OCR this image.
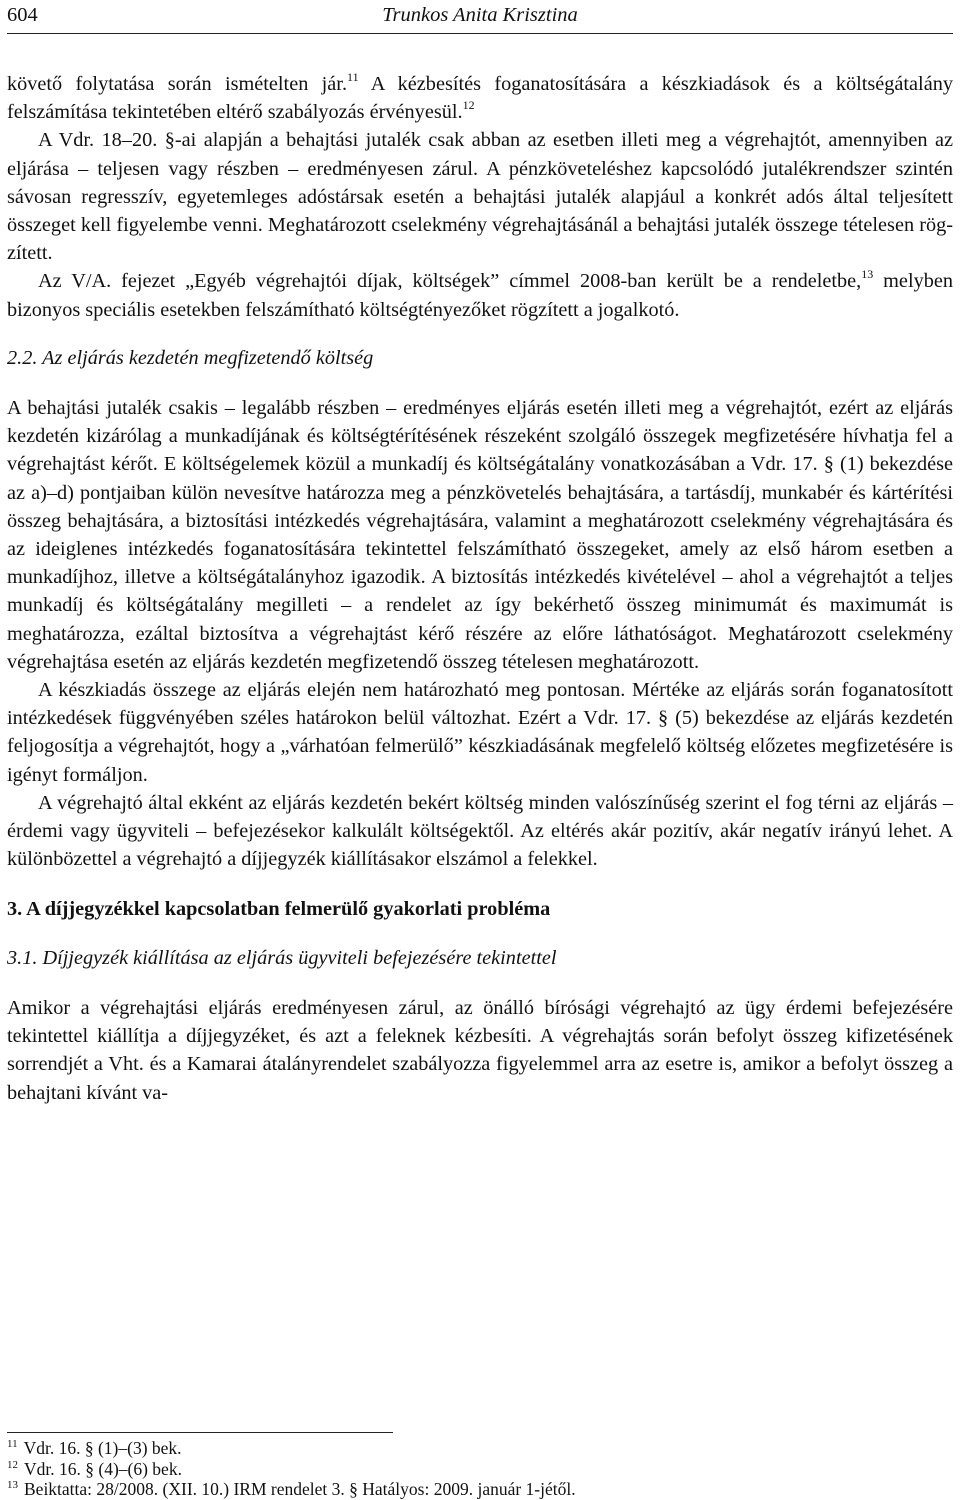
604	Trunkos Anita Krisztina

követő folytatása során ismételten jár.$^{11}$ A kézbesítés foganatosítására a készkiadások és a költségátalány felszámítása tekintetében eltérő szabályozás érvényesül.$^{12}$

A Vdr. 18–20. §-ai alapján a behajtási jutalék csak abban az esetben illeti meg a végrehajtót, amennyiben az eljárása – teljesen vagy részben – eredményesen zárul. A pénzköveteléshez kapcsolódó jutalékrendszer szintén sávosan regresszív, egyetemleges adóstársak esetén a behajtási jutalék alapjául a konkrét adós által teljesített összeget kell figyelembe venni. Meghatározott cselekmény végrehajtásánál a behajtási jutalék összege tételesen rögzített.

Az V/A. fejezet „Egyéb végrehajtói díjak, költségek” címmel 2008-ban került be a rendeletbe,$^{13}$ melyben bizonyos speciális esetekben felszámítható költségtényezőket rögzített a jogalkotó.

2.2. Az eljárás kezdetén megfizetendő költség

A behajtási jutalék csakis – legalább részben – eredményes eljárás esetén illeti meg a végrehajtót, ezért az eljárás kezdetén kizárólag a munkadíjának és költségtérítésének részeként szolgáló összegek megfizetésére hívhatja fel a végrehajtást kérőt. E költségelemek közül a munkadíj és költségátalány vonatkozásában a Vdr. 17. § (1) bekezdése az a)–d) pontjaiban külön nevesítve határozza meg a pénzkövetelés behajtására, a tartásdíj, munkabér és kártérítési összeg behajtására, a biztosítási intézkedés végrehajtására, valamint a meghatározott cselekmény végrehajtására és az ideiglenes intézkedés foganatosítására tekintettel felszámítható összegeket, amely az első három esetben a munkadíjhoz, illetve a költségátalányhoz igazodik. A biztosítás intézkedés kivételével – ahol a végrehajtót a teljes munkadíj és költségátalány megilleti – a rendelet az így bekérhető összeg minimumát és maximumát is meghatározza, ezáltal biztosítva a végrehajtást kérő részére az előre láthatóságot. Meghatározott cselekmény végrehajtása esetén az eljárás kezdetén megfizetendő összeg tételesen meghatározott.

A készkiadás összege az eljárás elején nem határozható meg pontosan. Mértéke az eljárás során foganatosított intézkedések függvényében széles határokon belül változhat. Ezért a Vdr. 17. § (5) bekezdése az eljárás kezdetén feljogosítja a végrehajtót, hogy a „várhatóan felmerülő” készkiadásának megfelelő költség előzetes megfizetésére is igényt formáljon.

A végrehajtó által ekként az eljárás kezdetén bekért költség minden valószínűség szerint el fog térni az eljárás – érdemi vagy ügyviteli – befejezésekor kalkulált költségektől. Az eltérés akár pozitív, akár negatív irányú lehet. A különbözettel a végrehajtó a díjjegyzék kiállításakor elszámol a felekkel.

3. A díjjegyzékkel kapcsolatban felmerülő gyakorlati probléma

3.1. Díjjegyzék kiállítása az eljárás ügyviteli befejezésére tekintettel

Amikor a végrehajtási eljárás eredményesen zárul, az önálló bírósági végrehajtó az ügy érdemi befejezésére tekintettel kiállítja a díjjegyzéket, és azt a feleknek kézbesíti. A végrehajtás során befolyt összeg kifizetésének sorrendjét a Vht. és a Kamarai átalányrendelet szabályozza figyelemmel arra az esetre is, amikor a befolyt összeg a behajtani kívánt va-

$^{11}$ Vdr. 16. § (1)–(3) bek.

$^{12}$ Vdr. 16. § (4)–(6) bek.

$^{13}$ Beiktatta: 28/2008. (XII. 10.) IRM rendelet 3. § Hatályos: 2009. január 1-jétől.
